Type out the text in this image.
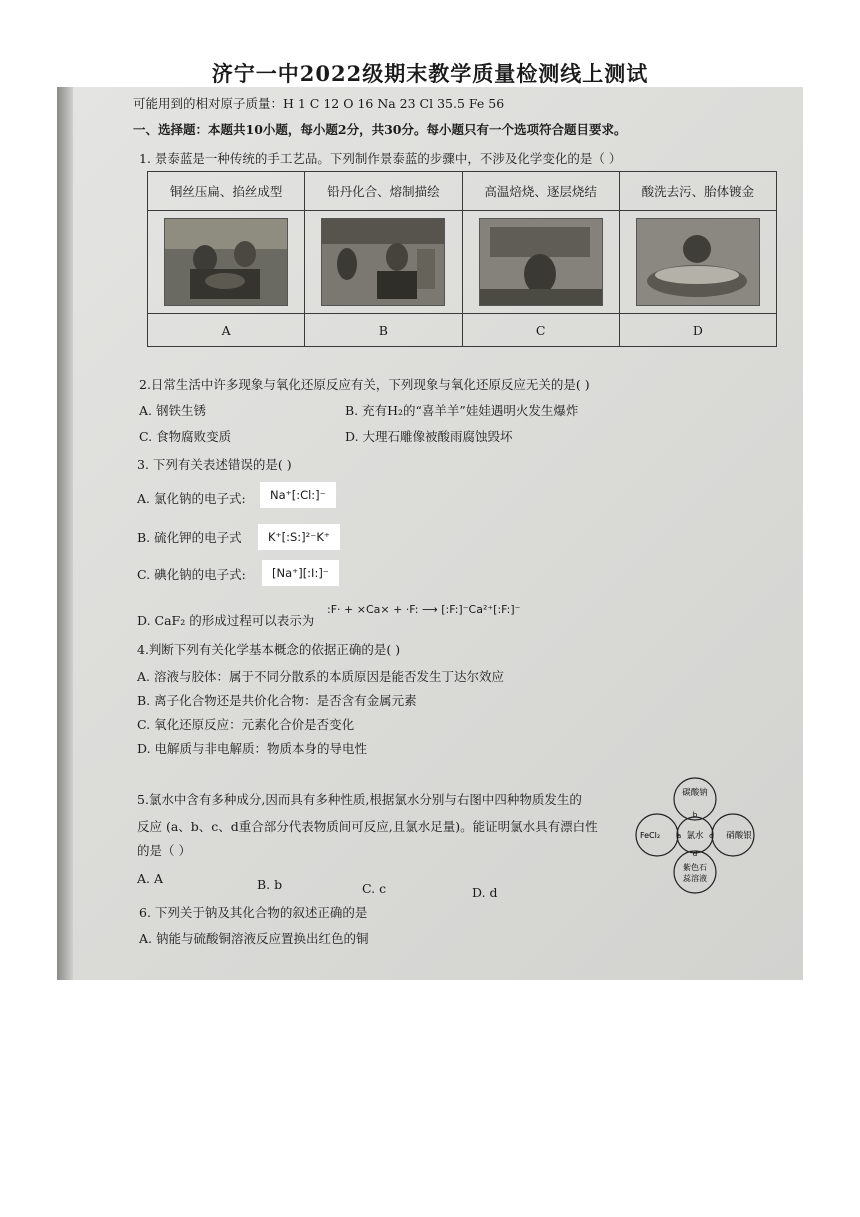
济宁一中2022级期末教学质量检测线上测试
可能用到的相对原子质量：H 1 C 12 O 16 Na 23 Cl 35.5 Fe 56
一、选择题：本题共10小题，每小题2分，共30分。每小题只有一个选项符合题目要求。
1. 景泰蓝是一种传统的手工艺品。下列制作景泰蓝的步骤中，不涉及化学变化的是（ ）
铜丝压扁、掐丝成型	铅丹化合、熔制描绘	高温焙烧、逐层烧结	酸洗去污、胎体镀金

A	B	C	D
2.日常生活中许多现象与氧化还原反应有关，下列现象与氧化还原反应无关的是( )
A. 钢铁生锈	B. 充有H₂的“喜羊羊”娃娃遇明火发生爆炸
C. 食物腐败变质	D. 大理石雕像被酸雨腐蚀毁坏
3. 下列有关表述错误的是( )
A. 氯化钠的电子式:	Na⁺[:Cl:]⁻
B. 硫化钾的电子式	K⁺[:S:]²⁻K⁺
C. 碘化钠的电子式:	[Na⁺][:I:]⁻
D. CaF₂ 的形成过程可以表示为
:F· + ×Ca× + ·F: ⟶ [:F:]⁻Ca²⁺[:F:]⁻
4.判断下列有关化学基本概念的依据正确的是( )
A. 溶液与胶体：属于不同分散系的本质原因是能否发生丁达尔效应
B. 离子化合物还是共价化合物：是否含有金属元素
C. 氧化还原反应：元素化合价是否变化
D. 电解质与非电解质：物质本身的导电性
5.氯水中含有多种成分,因而具有多种性质,根据氯水分别与右图中四种物质发生的
反应 (a、b、c、d重合部分代表物质间可反应,且氯水足量)。能证明氯水具有漂白性
的是（ ）
A. A	B. b	C. c	D. d
碳酸钠
b
FeCl₂ a 氯水 c 硝酸银
d
紫色石
蕊溶液
6. 下列关于钠及其化合物的叙述正确的是
A. 钠能与硫酸铜溶液反应置换出红色的铜
